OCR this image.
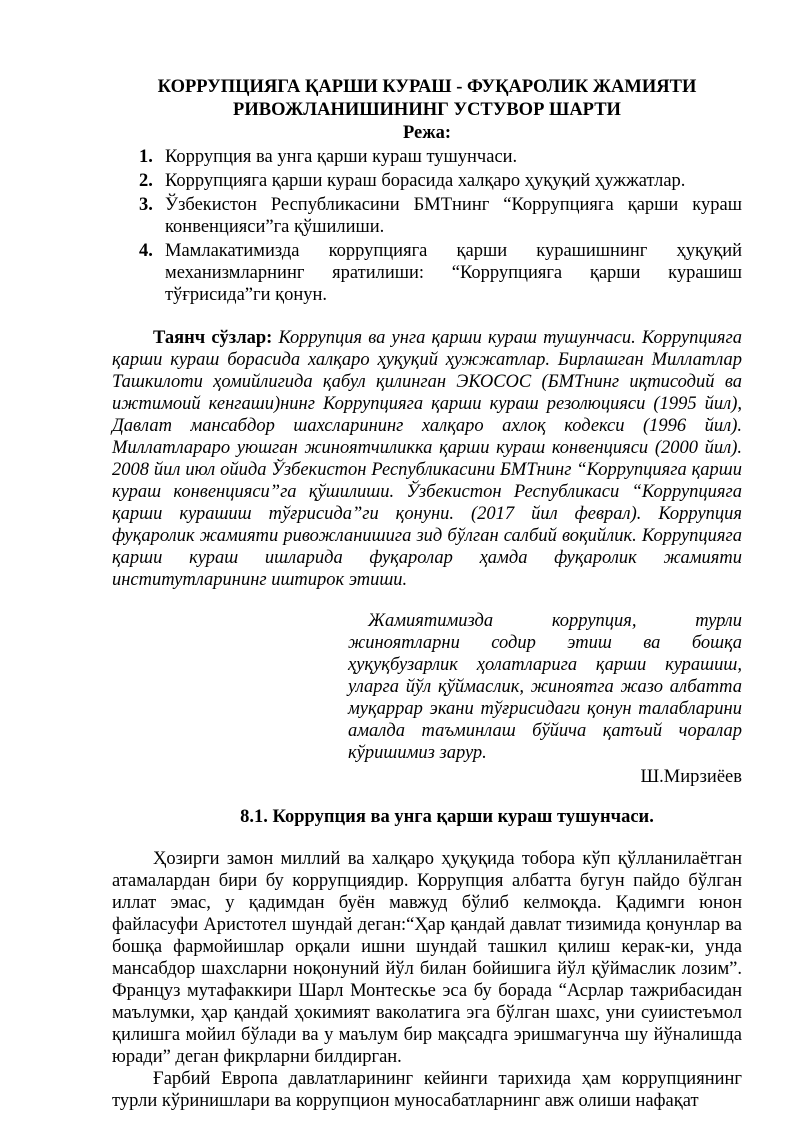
КОРРУПЦИЯГА ҚАРШИ КУРАШ - ФУҚАРОЛИК ЖАМИЯТИ

РИВОЖЛАНИШИНИНГ УСТУВОР ШАРТИ

Режа:

1. Коррупция ва унга қарши кураш тушунчаси.
2. Коррупцияга қарши кураш борасида халқаро ҳуқуқий ҳужжатлар.
3. Ўзбекистон Республикасини БМТнинг “Коррупцияга қарши кураш конвенцияси”га қўшилиши.
4. Мамлакатимизда коррупцияга қарши курашишнинг ҳуқуқий механизмларнинг яратилиши: “Коррупцияга қарши курашиш тўғрисида”ги қонун.

Таянч сўзлар: Коррупция ва унга қарши кураш тушунчаси. Коррупцияга қарши кураш борасида халқаро ҳуқуқий ҳужжатлар. Бирлашган Миллатлар Ташкилоти ҳомийлигида қабул қилинган ЭКОСОС (БМТнинг иқтисодий ва ижтимоий кенгаши)нинг Коррупцияга қарши кураш резолюцияси (1995 йил), Давлат мансабдор шахсларининг халқаро ахлоқ кодекси (1996 йил). Миллатлараро уюшган жиноятчиликка қарши кураш конвенцияси (2000 йил). 2008 йил июл ойида Ўзбекистон Республикасини БМТнинг “Коррупцияга қарши кураш конвенцияси”га қўшилиши. Ўзбекистон Республикаси “Коррупцияга қарши курашиш тўғрисида”ги қонуни. (2017 йил феврал). Коррупция фуқаролик жамияти ривожланишига зид бўлган салбий воқийлик. Коррупцияга қарши кураш ишларида фуқаролар ҳамда фуқаролик жамияти институтларининг иштирок этиши.

Жамиятимизда коррупция, турли жиноятларни содир этиш ва бошқа ҳуқуқбузарлик ҳолатларига қарши курашиш, уларга йўл қўймаслик, жиноятга жазо албатта муқаррар экани тўғрисидаги қонун талабларини амалда таъминлаш бўйича қатъий чоралар кўришимиз зарур.

Ш.Мирзиёев

8.1. Коррупция ва унга қарши кураш тушунчаси.

Ҳозирги замон миллий ва халқаро ҳуқуқида тобора кўп қўлланилаётган атамалардан бири бу коррупциядир. Коррупция албатта бугун пайдо бўлган иллат эмас, у қадимдан буён мавжуд бўлиб келмоқда. Қадимги юнон файласуфи Аристотел шундай деган:“Ҳар қандай давлат тизимида қонунлар ва бошқа фармойишлар орқали ишни шундай ташкил қилиш керак-ки, унда мансабдор шахсларни ноқонуний йўл билан бойишига йўл қўймаслик лозим”. Француз мутафаккири Шарл Монтескье эса бу борада “Асрлар тажрибасидан маълумки, ҳар қандай ҳокимият ваколатига эга бўлган шахс, уни суиистеъмол қилишга мойил бўлади ва у маълум бир мақсадга эришмагунча шу йўналишда юради” деган фикрларни билдирган.

Ғарбий Европа давлатларининг кейинги тарихида ҳам коррупциянинг турли кўринишлари ва коррупцион муносабатларнинг авж олиши нафақат
